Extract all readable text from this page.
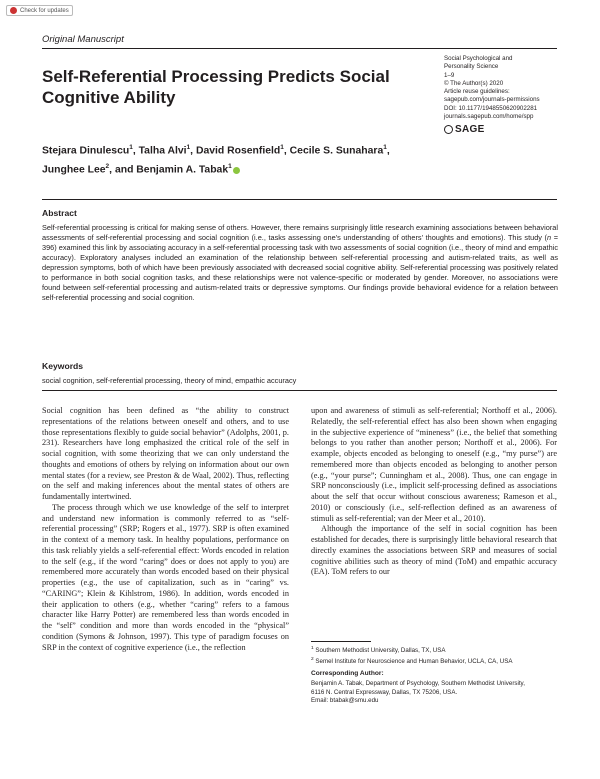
Check for updates
Original Manuscript
Self-Referential Processing Predicts Social Cognitive Ability
Social Psychological and
Personality Science
1–9
© The Author(s) 2020
Article reuse guidelines:
sagepub.com/journals-permissions
DOI: 10.1177/1948550620902281
journals.sagepub.com/home/spp
SAGE
Stejara Dinulescu$^1$, Talha Alvi$^1$, David Rosenfield$^1$, Cecile S. Sunahara$^1$,
Junghee Lee$^2$, and Benjamin A. Tabak$^1$
Abstract
Self-referential processing is critical for making sense of others. However, there remains surprisingly little research examining associations between behavioral assessments of self-referential processing and social cognition (i.e., tasks assessing one's understanding of others' thoughts and emotions). This study (n = 396) examined this link by associating accuracy in a self-referential processing task with two assessments of social cognition (i.e., theory of mind and empathic accuracy). Exploratory analyses included an examination of the relationship between self-referential processing and autism-related traits, as well as depression symptoms, both of which have been previously associated with decreased social cognitive ability. Self-referential processing was positively related to performance in both social cognition tasks, and these relationships were not valence-specific or moderated by gender. Moreover, no associations were found between self-referential processing and autism-related traits or depressive symptoms. Our findings provide behavioral evidence for a relation between self-referential processing and social cognition.
Keywords
social cognition, self-referential processing, theory of mind, empathic accuracy

Social cognition has been defined as “the ability to construct representations of the relations between oneself and others, and to use those representations flexibly to guide social behavior” (Adolphs, 2001, p. 231). Researchers have long emphasized the critical role of the self in social cognition, with some theorizing that we can only understand the thoughts and emotions of others by relying on information about our own mental states (for a review, see Preston & de Waal, 2002). Thus, reflecting on the self and making inferences about the mental states of others are fundamentally intertwined.

The process through which we use knowledge of the self to interpret and understand new information is commonly referred to as “self-referential processing” (SRP; Rogers et al., 1977). SRP is often examined in the context of a memory task. In healthy populations, performance on this task reliably yields a self-referential effect: Words encoded in relation to the self (e.g., if the word “caring” does or does not apply to you) are remembered more accurately than words encoded based on their physical properties (e.g., the use of capitalization, such as in “caring” vs. “CARING”; Klein & Kihlstrom, 1986). In addition, words encoded in their application to others (e.g., whether “caring” refers to a famous character like Harry Potter) are remembered less than words encoded in the “self” condition and more than words encoded in the “physical” condition (Symons & Johnson, 1997). This type of paradigm focuses on SRP in the context of cognitive experience (i.e., the reflection

upon and awareness of stimuli as self-referential; Northoff et al., 2006). Relatedly, the self-referential effect has also been shown when engaging in the subjective experience of “mineness” (i.e., the belief that something belongs to you rather than another person; Northoff et al., 2006). For example, objects encoded as belonging to oneself (e.g., “my purse”) are remembered more than objects encoded as belonging to another person (e.g., “your purse”; Cunningham et al., 2008). Thus, one can engage in SRP nonconsciously (i.e., implicit self-processing defined as associations about the self that occur without conscious awareness; Rameson et al., 2010) or consciously (i.e., self-reflection defined as an awareness of stimuli as self-referential; van der Meer et al., 2010).

Although the importance of the self in social cognition has been established for decades, there is surprisingly little behavioral research that directly examines the associations between SRP and measures of social cognitive abilities such as theory of mind (ToM) and empathic accuracy (EA). ToM refers to our

$^1$ Southern Methodist University, Dallas, TX, USA
$^2$ Semel Institute for Neuroscience and Human Behavior, UCLA, CA, USA
Corresponding Author:
Benjamin A. Tabak, Department of Psychology, Southern Methodist University,
6116 N. Central Expressway, Dallas, TX 75206, USA.
Email: btabak@smu.edu
